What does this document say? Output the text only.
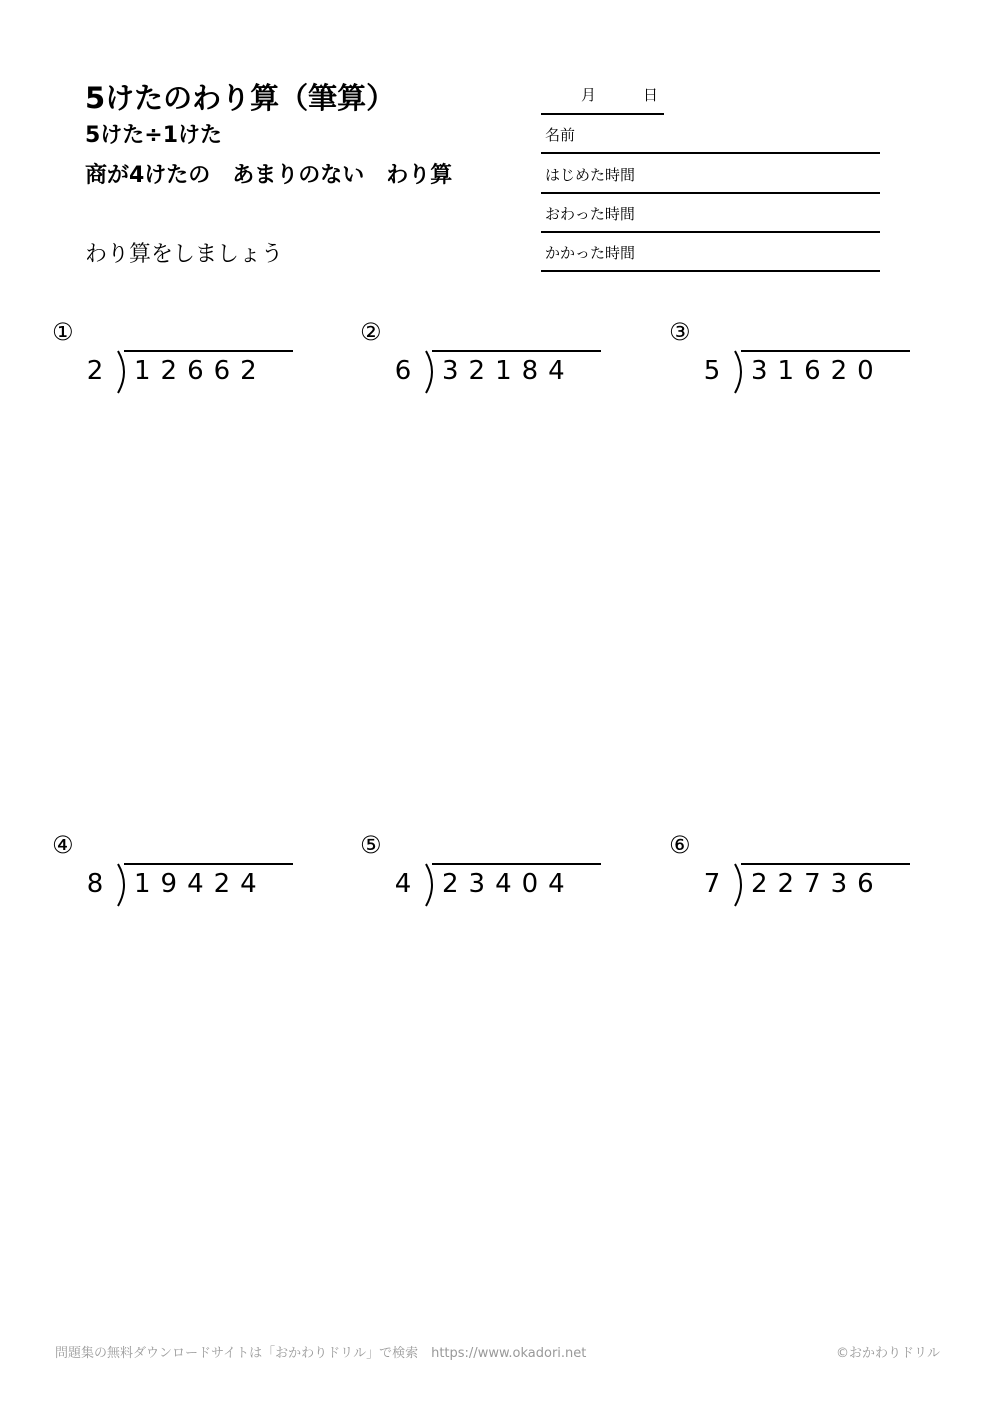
5けたのわり算（筆算）
5けた÷1けた
商が4けたの　あまりのない　わり算
わり算をしましょう
月	日
名前
はじめた時間
おわった時間
かかった時間
①
2 12662
②
6 32184
③
5 31620
④
8 19424
⑤
4 23404
⑥
7 22736
問題集の無料ダウンロードサイトは「おかわりドリル」で検索　https://www.okadori.net	©おかわりドリル
